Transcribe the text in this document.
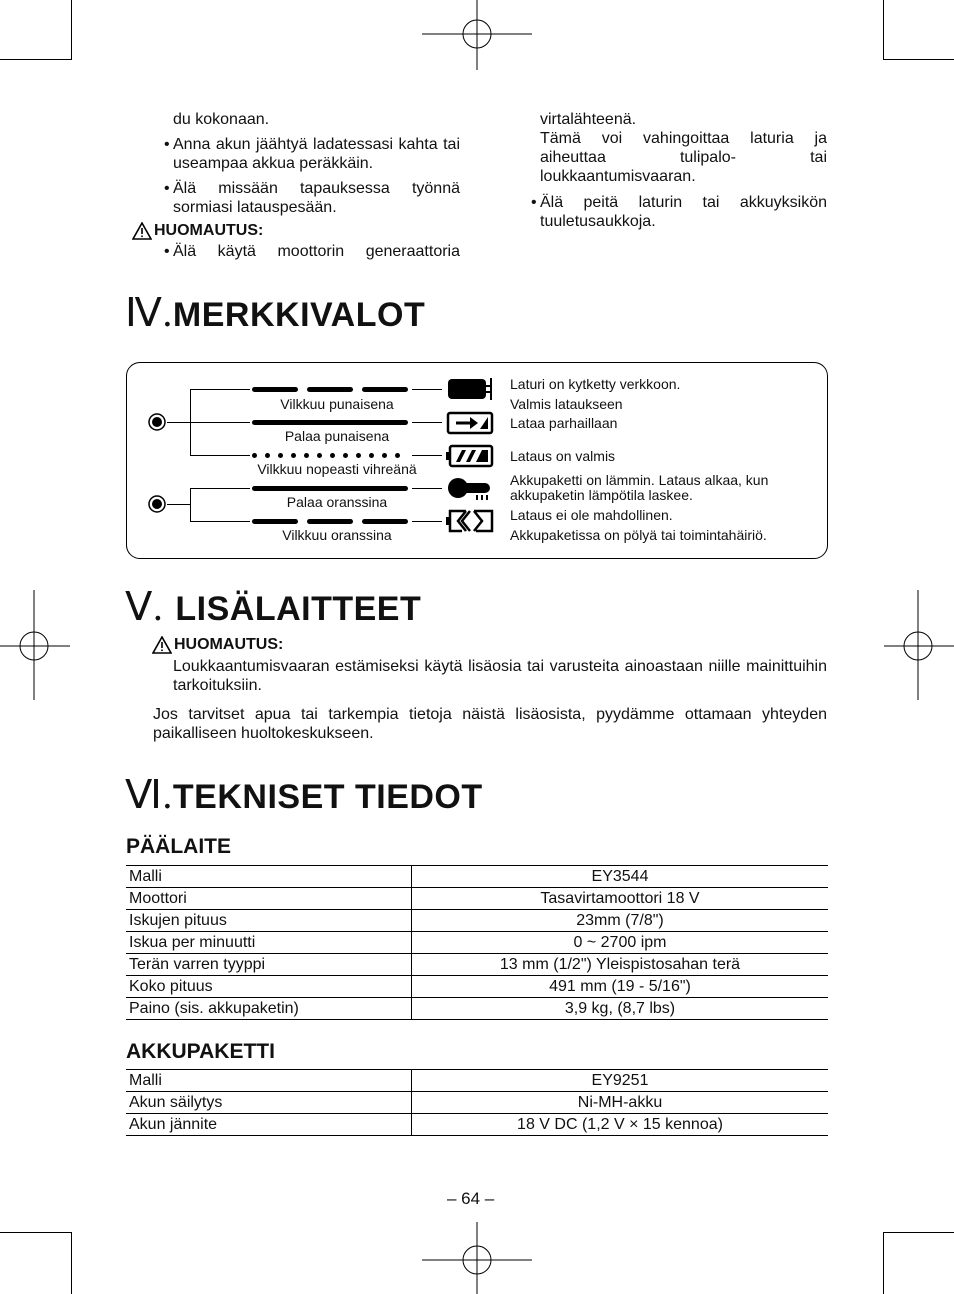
du kokonaan.
• Anna akun jäähtyä ladatessasi kahta tai useampaa akkua peräkkäin.
• Älä missään tapauksessa työnnä sormiasi latauspesään.
HUOMAUTUS:
• Älä käytä moottorin generaattoria
virtalähteenä.
Tämä voi vahingoittaa laturia ja aiheuttaa tulipalo- tai loukkaantumisvaaran.
• Älä peitä laturin tai akkuyksikön tuuletusaukkoja.
Ⅳ.MERKKIVALOT
Vilkkuu punaisena
Palaa punaisena
Vilkkuu nopeasti vihreänä
Palaa oranssina
Vilkkuu oranssina
Laturi on kytketty verkkoon.
Valmis lataukseen
Lataa parhaillaan
Lataus on valmis
Akkupaketti on lämmin. Lataus alkaa, kun akkupaketin lämpötila laskee.
Lataus ei ole mahdollinen.
Akkupaketissa on pölyä tai toimintahäiriö.
Ⅴ. LISÄLAITTEET
HUOMAUTUS:
Loukkaantumisvaaran estämiseksi käytä lisäosia tai varusteita ainoastaan niille mainittuihin tarkoituksiin.
Jos tarvitset apua tai tarkempia tietoja näistä lisäosista, pyydämme ottamaan yhteyden paikalliseen huoltokeskukseen.
Ⅵ.TEKNISET TIEDOT
PÄÄLAITE
Malli	EY3544
Moottori	Tasavirtamoottori 18 V
Iskujen pituus	23mm (7/8")
Iskua per minuutti	0 ~ 2700 ipm
Terän varren tyyppi	13 mm (1/2") Yleispistosahan terä
Koko pituus	491 mm (19 - 5/16")
Paino (sis. akkupaketin)	3,9 kg, (8,7 lbs)
AKKUPAKETTI
Malli	EY9251
Akun säilytys	Ni-MH-akku
Akun jännite	18 V DC (1,2 V × 15 kennoa)
– 64 –
